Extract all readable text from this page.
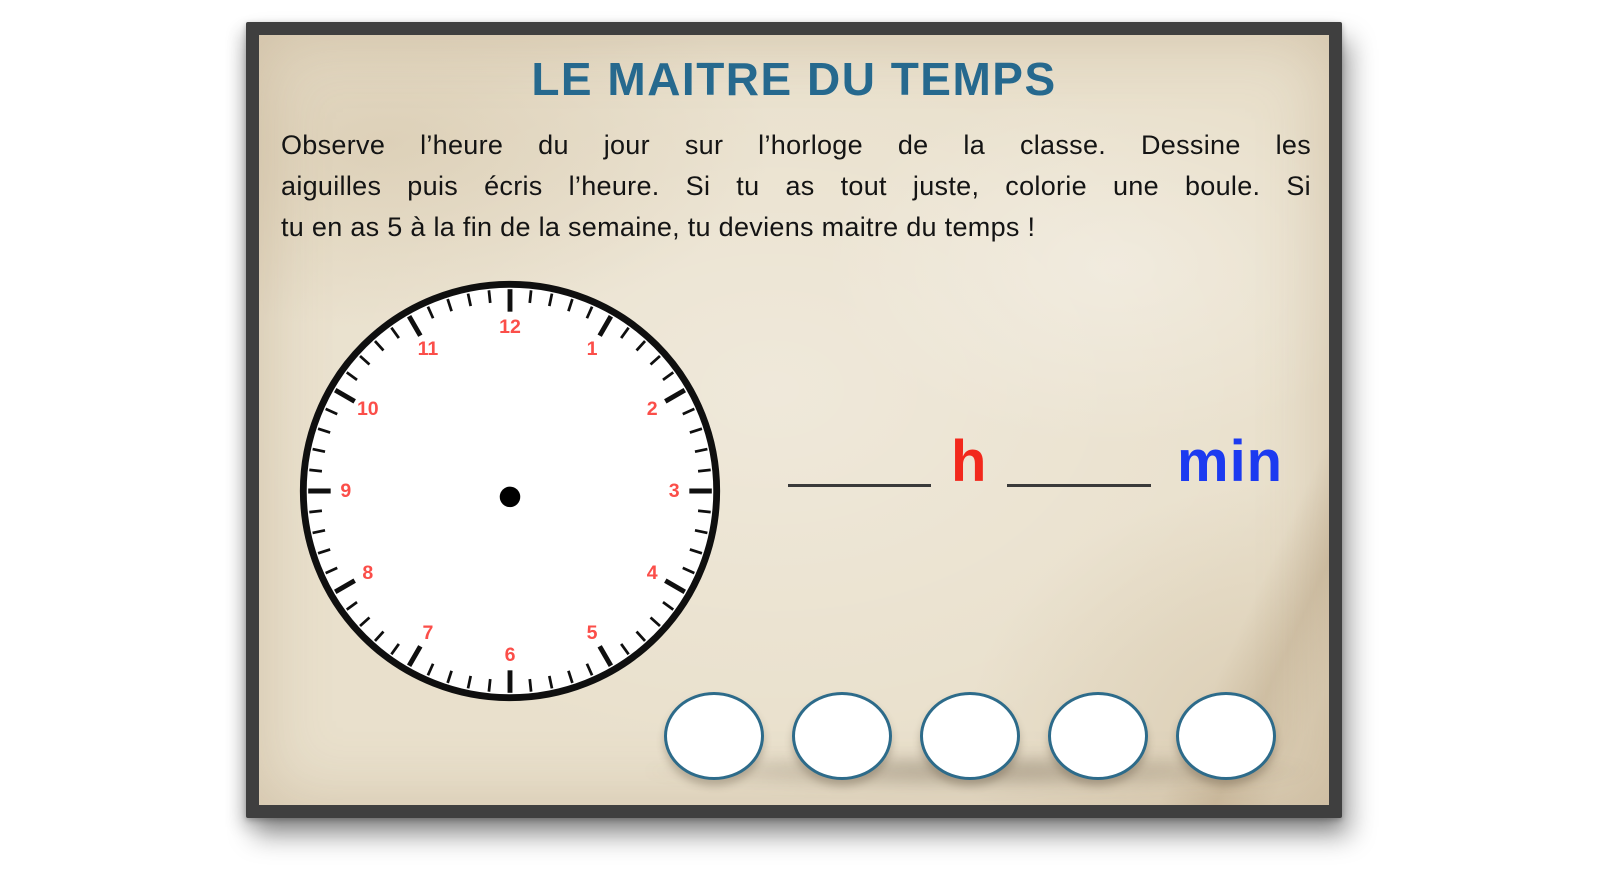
LE MAITRE DU TEMPS
Observe l’heure du jour sur l’horloge de la classe. Dessine les
aiguilles puis écris l’heure. Si tu as tout juste, colorie une boule. Si
tu en as 5 à la fin de la semaine, tu deviens maitre du temps !
1
2
3
4
5
6
7
8
9
10
11
12
h	min
